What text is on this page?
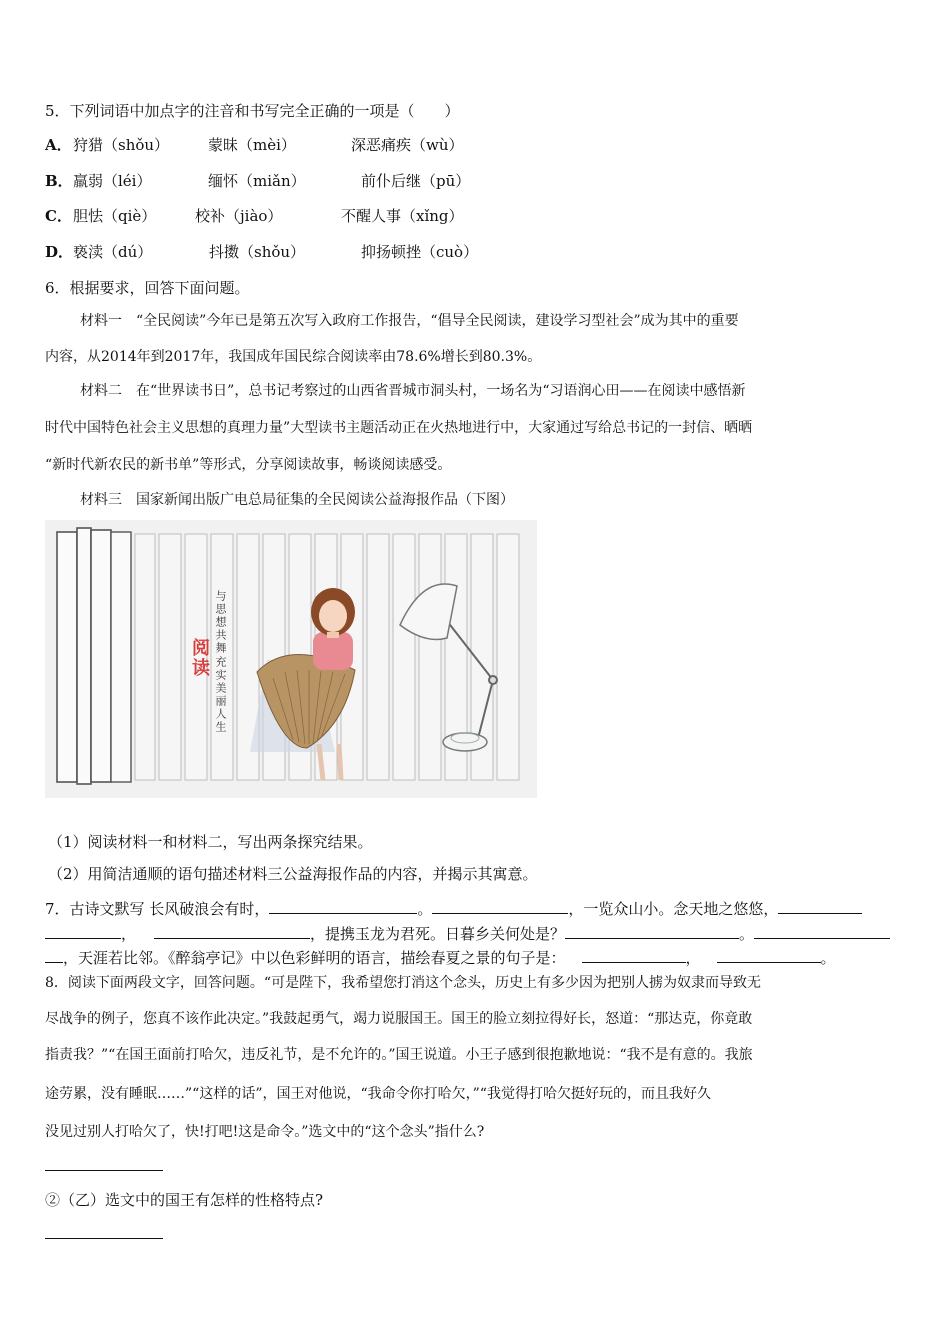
5．下列词语中加点字的注音和书写完全正确的一项是（　　）
A． 狩猎（shǒu）	蒙昧（mèi）	深恶痛疾（wù）
B． 羸弱（léi）	缅怀（miǎn）	前仆后继（pū）
C． 胆怯（qiè）	校补（jiào）	不醒人事（xǐng）
D． 亵渎（dú）	抖擞（shǒu）	抑扬顿挫（cuò）
6．根据要求，回答下面问题。
材料一　“全民阅读”今年已是第五次写入政府工作报告，“倡导全民阅读，建设学习型社会”成为其中的重要
内容，从2014年到2017年，我国成年国民综合阅读率由78.6%增长到80.3%。
材料二　在“世界读书日”，总书记考察过的山西省晋城市洞头村，一场名为“习语润心田——在阅读中感悟新
时代中国特色社会主义思想的真理力量”大型读书主题活动正在火热地进行中，大家通过写给总书记的一封信、晒晒
“新时代新农民的新书单”等形式，分享阅读故事，畅谈阅读感受。
材料三　国家新闻出版广电总局征集的全民阅读公益海报作品（下图）
阅读
与思想共舞
充实美丽人生
（1）阅读材料一和材料二，写出两条探究结果。
（2）用简洁通顺的语句描述材料三公益海报作品的内容，并揭示其寓意。
7．古诗文默写 长风破浪会有时，	。	，一览众山小。念天地之悠悠，
，	，提携玉龙为君死。日暮乡关何处是？	。
，天涯若比邻。《醉翁亭记》中以色彩鲜明的语言，描绘春夏之景的句子是：	，	。
8．阅读下面两段文字，回答问题。“可是陛下，我希望您打消这个念头，历史上有多少因为把别人掳为奴隶而导致无
尽战争的例子，您真不该作此决定。”我鼓起勇气，竭力说服国王。国王的脸立刻拉得好长，怒道：“那达克，你竟敢
指责我？”“在国王面前打哈欠，违反礼节，是不允许的。”国王说道。小王子感到很抱歉地说：“我不是有意的。我旅
途劳累，没有睡眠……”“这样的话”，国王对他说，“我命令你打哈欠，”“我觉得打哈欠挺好玩的，而且我好久
没见过别人打哈欠了，快!打吧!这是命令。”选文中的“这个念头”指什么?
②（乙）选文中的国王有怎样的性格特点?
